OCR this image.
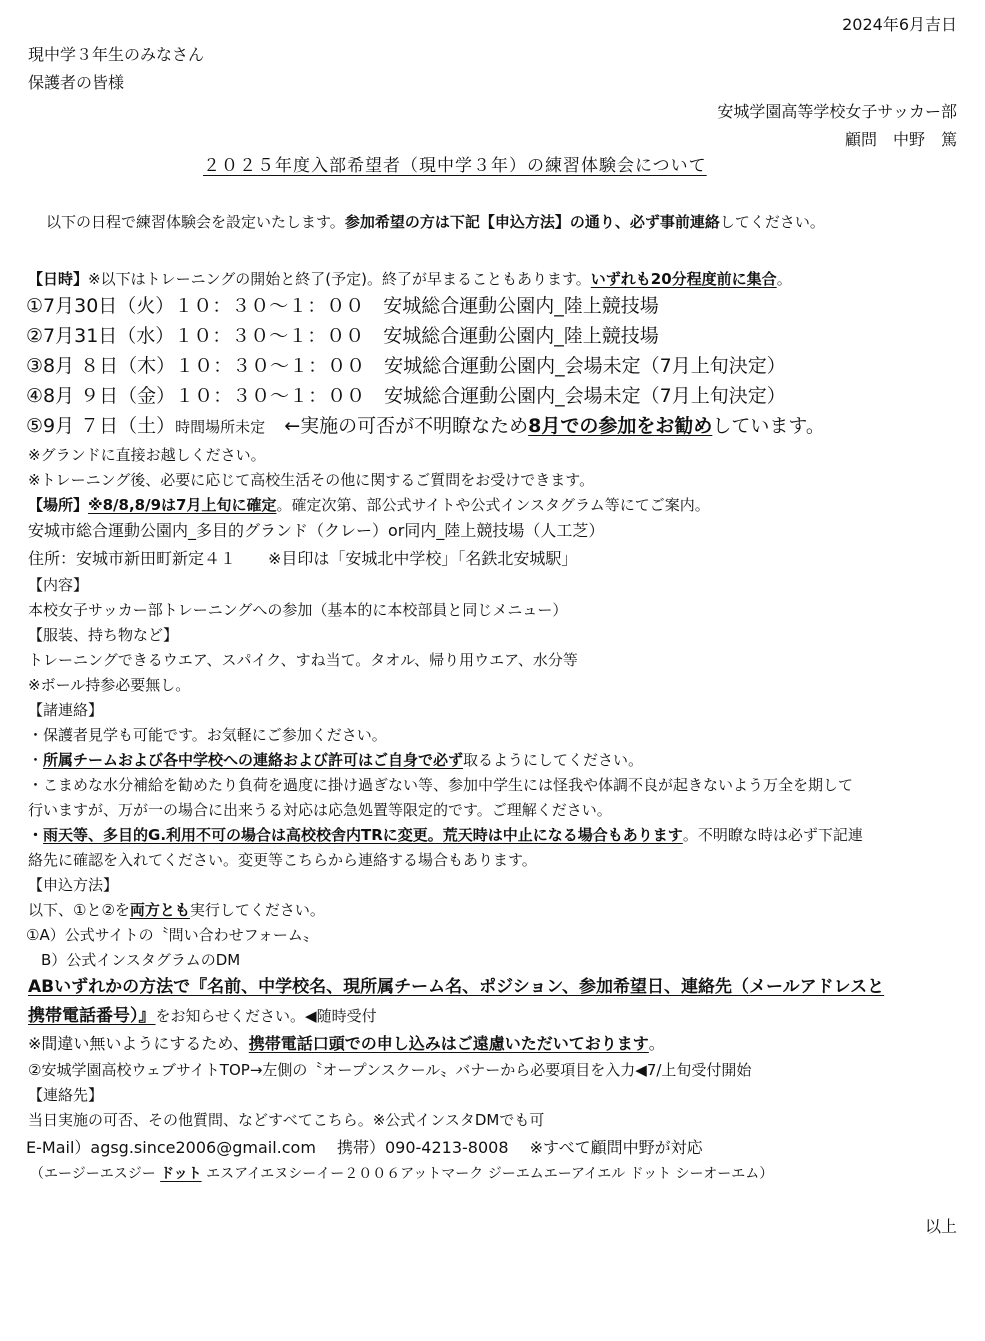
2024年6月吉日
現中学３年生のみなさん
保護者の皆様
安城学園高等学校女子サッカー部
顧問　中野　篤
２０２５年度入部希望者（現中学３年）の練習体験会について
以下の日程で練習体験会を設定いたします。参加希望の方は下記【申込方法】の通り、必ず事前連絡してください。
【日時】※以下はトレーニングの開始と終了(予定)。終了が早まることもあります。いずれも20分程度前に集合。
①7月30日（火）１０：３０〜１：００　安城総合運動公園内_陸上競技場
②7月31日（水）１０：３０〜１：００　安城総合運動公園内_陸上競技場
③8月 ８日（木）１０：３０〜１：００　安城総合運動公園内_会場未定（7月上旬決定）
④8月 ９日（金）１０：３０〜１：００　安城総合運動公園内_会場未定（7月上旬決定）
⑤9月 ７日（土）時間場所未定　←実施の可否が不明瞭なため8月での参加をお勧めしています。
※グランドに直接お越しください。
※トレーニング後、必要に応じて高校生活その他に関するご質問をお受けできます。
【場所】※8/8,8/9は7月上旬に確定。確定次第、部公式サイトや公式インスタグラム等にてご案内。
安城市総合運動公園内_多目的グランド（クレー）or同内_陸上競技場（人工芝）
住所：安城市新田町新定４１　　※目印は「安城北中学校」「名鉄北安城駅」
【内容】
本校女子サッカー部トレーニングへの参加（基本的に本校部員と同じメニュー）
【服装、持ち物など】
トレーニングできるウエア、スパイク、すね当て。タオル、帰り用ウエア、水分等
※ボール持参必要無し。
【諸連絡】
・保護者見学も可能です。お気軽にご参加ください。
・所属チームおよび各中学校への連絡および許可はご自身で必ず取るようにしてください。
・こまめな水分補給を勧めたり負荷を過度に掛け過ぎない等、参加中学生には怪我や体調不良が起きないよう万全を期して
行いますが、万が一の場合に出来うる対応は応急処置等限定的です。ご理解ください。
・雨天等、多目的G.利用不可の場合は高校校舎内TRに変更。荒天時は中止になる場合もあります。不明瞭な時は必ず下記連
絡先に確認を入れてください。変更等こちらから連絡する場合もあります。
【申込方法】
以下、①と②を両方とも実行してください。
①A）公式サイトの〝問い合わせフォーム〟
　B）公式インスタグラムのDM
ABいずれかの方法で『名前、中学校名、現所属チーム名、ポジション、参加希望日、連絡先（メールアドレスと
携帯電話番号）』をお知らせください。◀随時受付
※間違い無いようにするため、携帯電話口頭での申し込みはご遠慮いただいております。
②安城学園高校ウェブサイトTOP→左側の〝オープンスクール〟バナーから必要項目を入力◀7/上旬受付開始
【連絡先】
当日実施の可否、その他質問、などすべてこちら。※公式インスタDMでも可
E-Mail）agsg.since2006@gmail.com　 携帯）090-4213-8008　 ※すべて顧問中野が対応
（エージーエスジー ドット エスアイエヌシーイー２００６アットマーク ジーエムエーアイエル ドット シーオーエム）
以上
